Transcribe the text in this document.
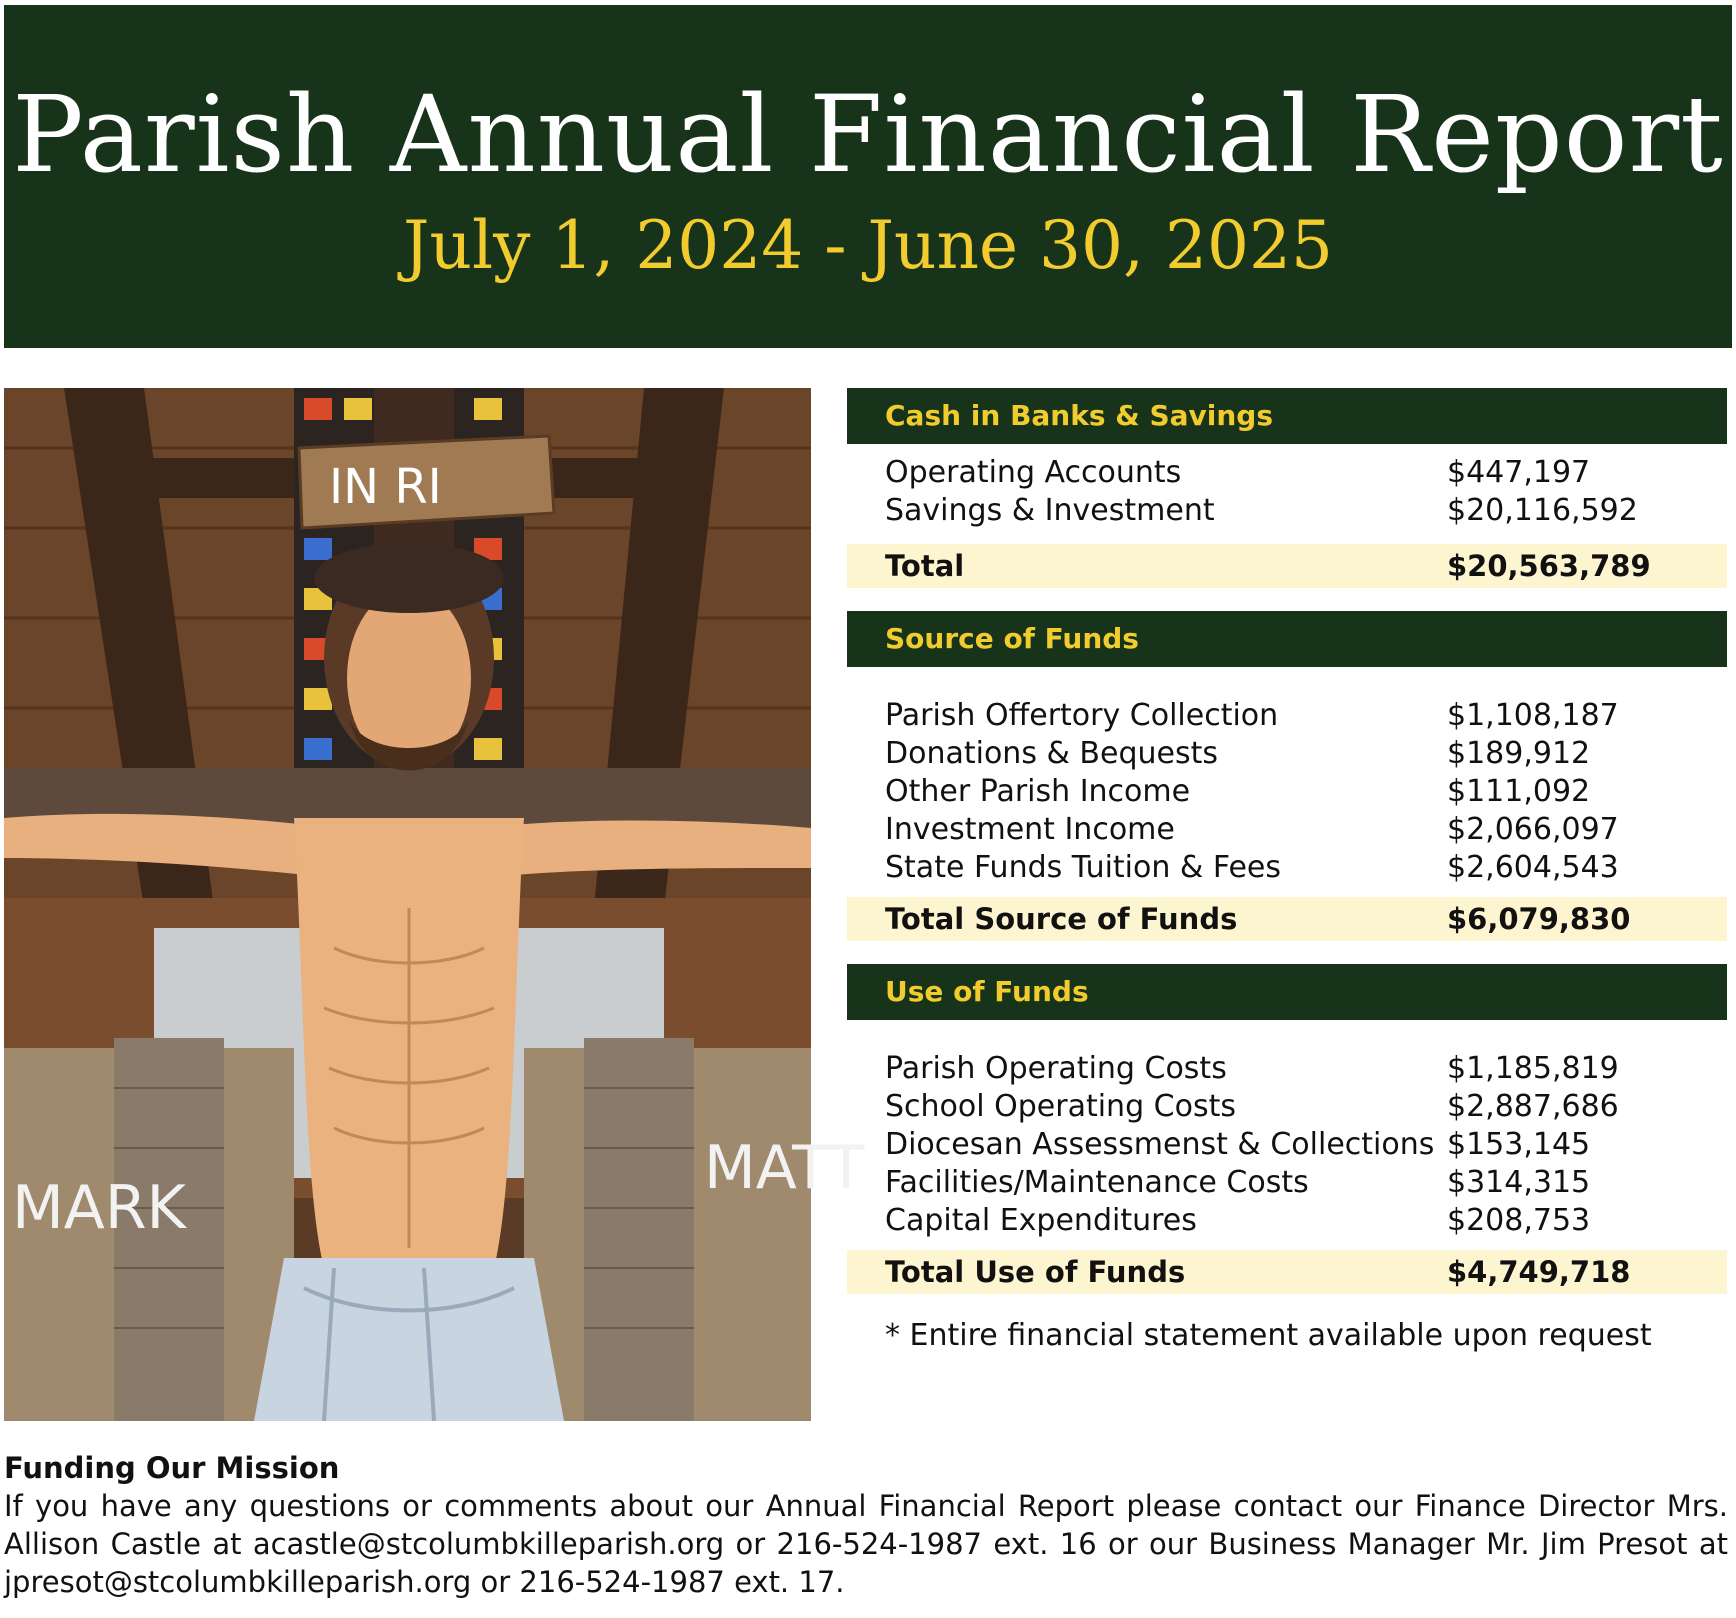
Parish Annual Financial Report
July 1, 2024 - June 30, 2025
MARK
MATT
IN RI
Cash in Banks & Savings
Operating Accounts	$447,197
Savings & Investment	$20,116,592
Total	$20,563,789
Source of Funds
Parish Offertory Collection	$1,108,187
Donations & Bequests	$189,912
Other Parish Income	$111,092
Investment Income	$2,066,097
State Funds Tuition & Fees	$2,604,543
Total Source of Funds	$6,079,830
Use of Funds
Parish Operating Costs	$1,185,819
School Operating Costs	$2,887,686
Diocesan Assessmenst & Collections $153,145
Facilities/Maintenance Costs	$314,315
Capital Expenditures	$208,753
Total Use of Funds	$4,749,718
* Entire financial statement available upon request
Funding Our Mission
If you have any questions or comments about our Annual Financial Report please contact our Finance Director Mrs. Allison Castle at acastle@stcolumbkilleparish.org or 216-524-1987 ext. 16 or our Business Manager Mr. Jim Presot at jpresot@stcolumbkilleparish.org or 216-524-1987 ext. 17.
